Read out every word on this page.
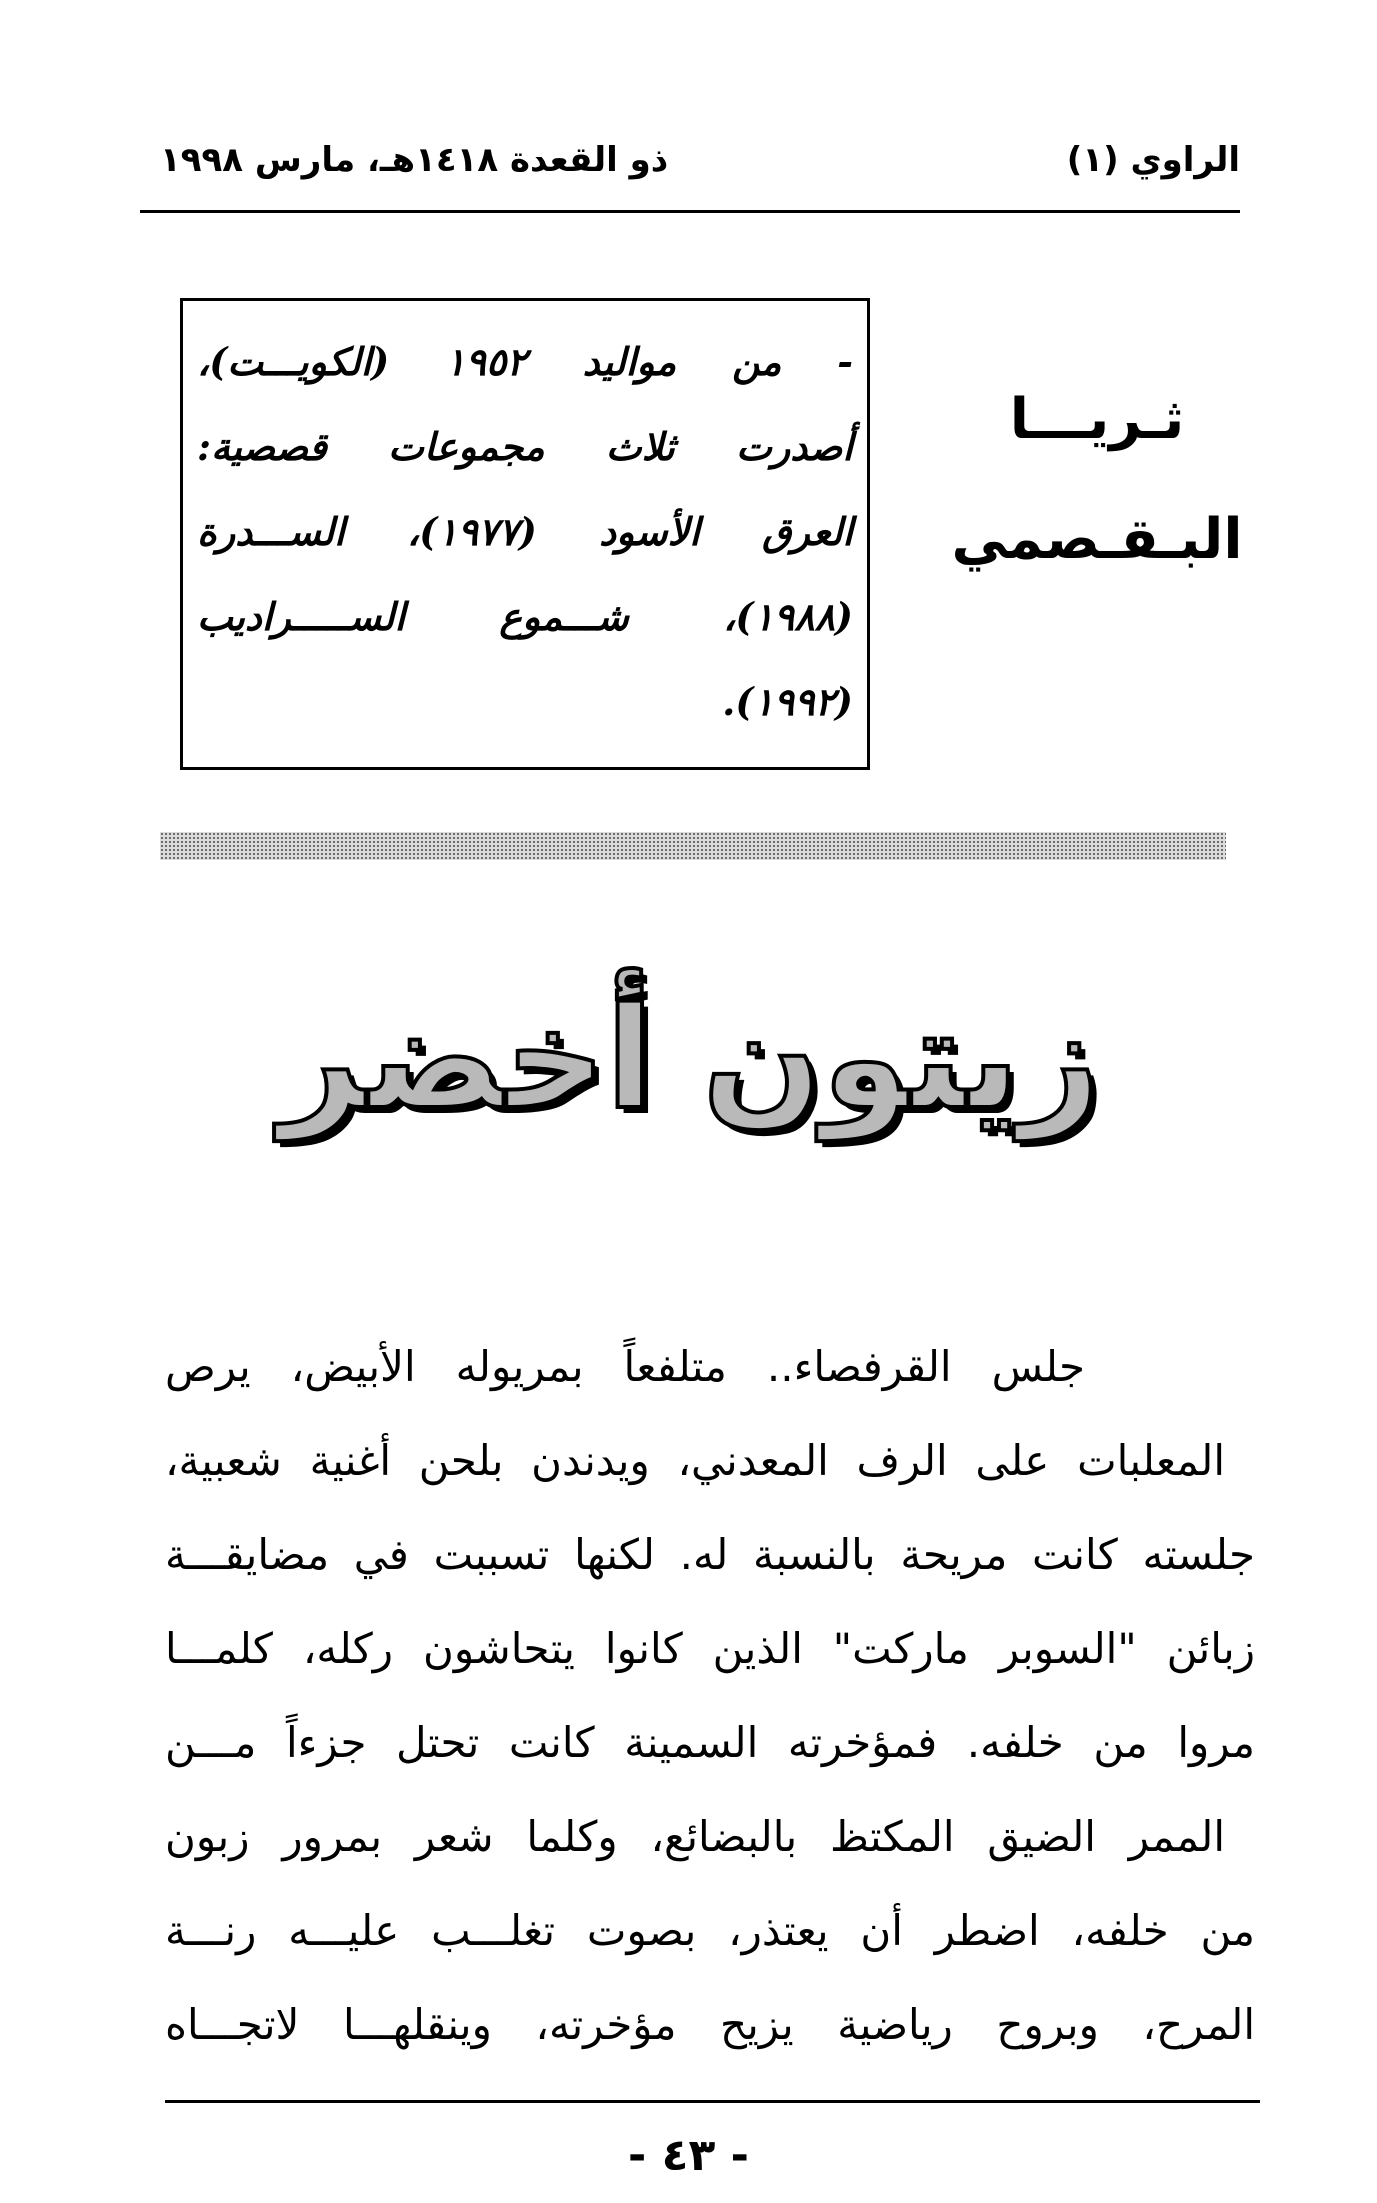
الراوي (١)
ذو القعدة ١٤١٨هـ، مارس ١٩٩٨
ثـريـــا
البـقـصمي
- من مواليد ١٩٥٢ (الكويـــت)،
أصدرت ثلاث مجموعات قصصية:
العرق الأسود (١٩٧٧)، الســـدرة
(١٩٨٨)، شـــموع الســـــراديب
(١٩٩٢).
زيتون أخضر
جلس القرفصاء.. متلفعاً بمريوله الأبيض، يرص
المعلبات على الرف المعدني، ويدندن بلحن أغنية شعبية،
جلسته كانت مريحة بالنسبة له. لكنها تسببت في مضايقـــة
زبائن "السوبر ماركت" الذين كانوا يتحاشون ركله، كلمـــا
مروا من خلفه. فمؤخرته السمينة كانت تحتل جزءاً مـــن
الممر الضيق المكتظ بالبضائع، وكلما شعر بمرور زبون
من خلفه، اضطر أن يعتذر، بصوت تغلـــب عليـــه رنـــة
المرح، وبروح رياضية يزيح مؤخرته، وينقلهـــا لاتجـــاه
- ٤٣ -
